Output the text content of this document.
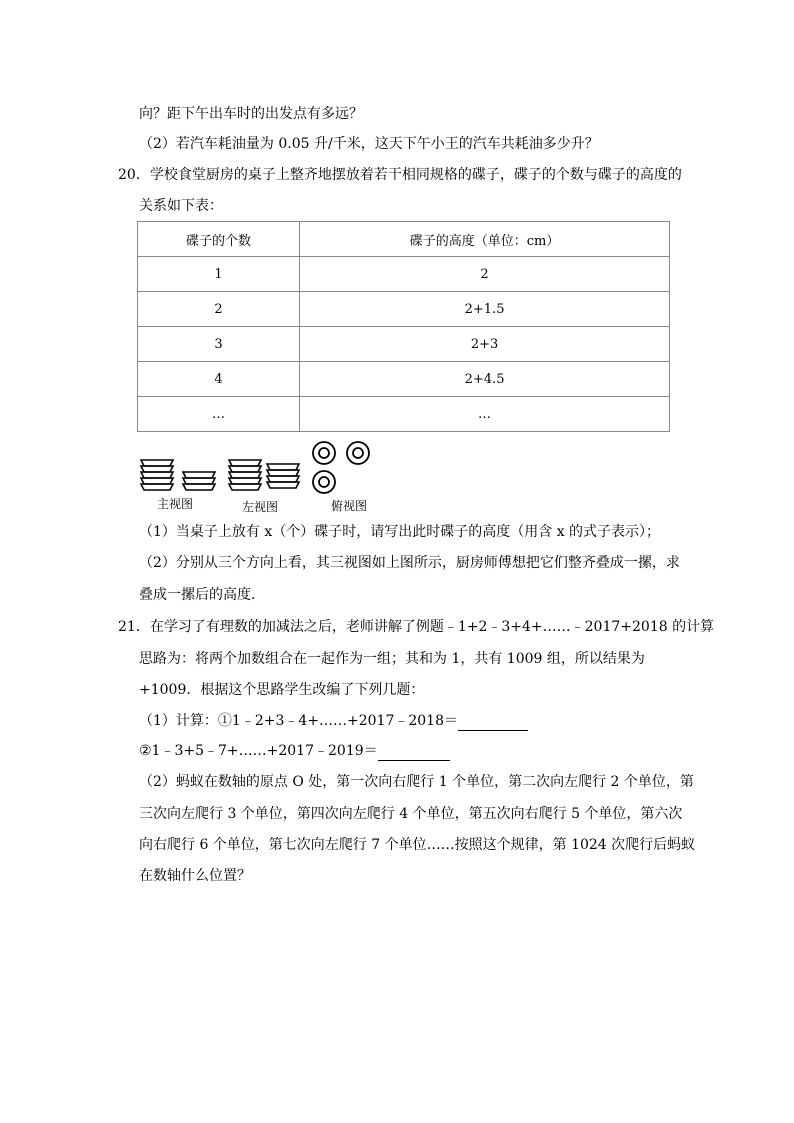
向？距下午出车时的出发点有多远？
（2）若汽车耗油量为 0.05 升/千米，这天下午小王的汽车共耗油多少升？
20．学校食堂厨房的桌子上整齐地摆放着若干相同规格的碟子，碟子的个数与碟子的高度的
关系如下表：
碟子的个数	碟子的高度（单位：cm）
1	2
2	2+1.5
3	2+3
4	2+4.5
…	…
主视图	左视图	俯视图
（1）当桌子上放有 x（个）碟子时，请写出此时碟子的高度（用含 x 的式子表示）；
（2）分别从三个方向上看，其三视图如上图所示，厨房师傅想把它们整齐叠成一摞，求
叠成一摞后的高度．
21．在学习了有理数的加减法之后，老师讲解了例题﹣1+2﹣3+4+……﹣2017+2018 的计算
思路为：将两个加数组合在一起作为一组；其和为 1，共有 1009 组，所以结果为
+1009．根据这个思路学生改编了下列几题：
（1）计算：①1﹣2+3﹣4+……+2017﹣2018＝
②1﹣3+5﹣7+……+2017﹣2019＝
（2）蚂蚁在数轴的原点 O 处，第一次向右爬行 1 个单位，第二次向左爬行 2 个单位，第
三次向左爬行 3 个单位，第四次向左爬行 4 个单位，第五次向右爬行 5 个单位，第六次
向右爬行 6 个单位，第七次向左爬行 7 个单位……按照这个规律，第 1024 次爬行后蚂蚁
在数轴什么位置？
